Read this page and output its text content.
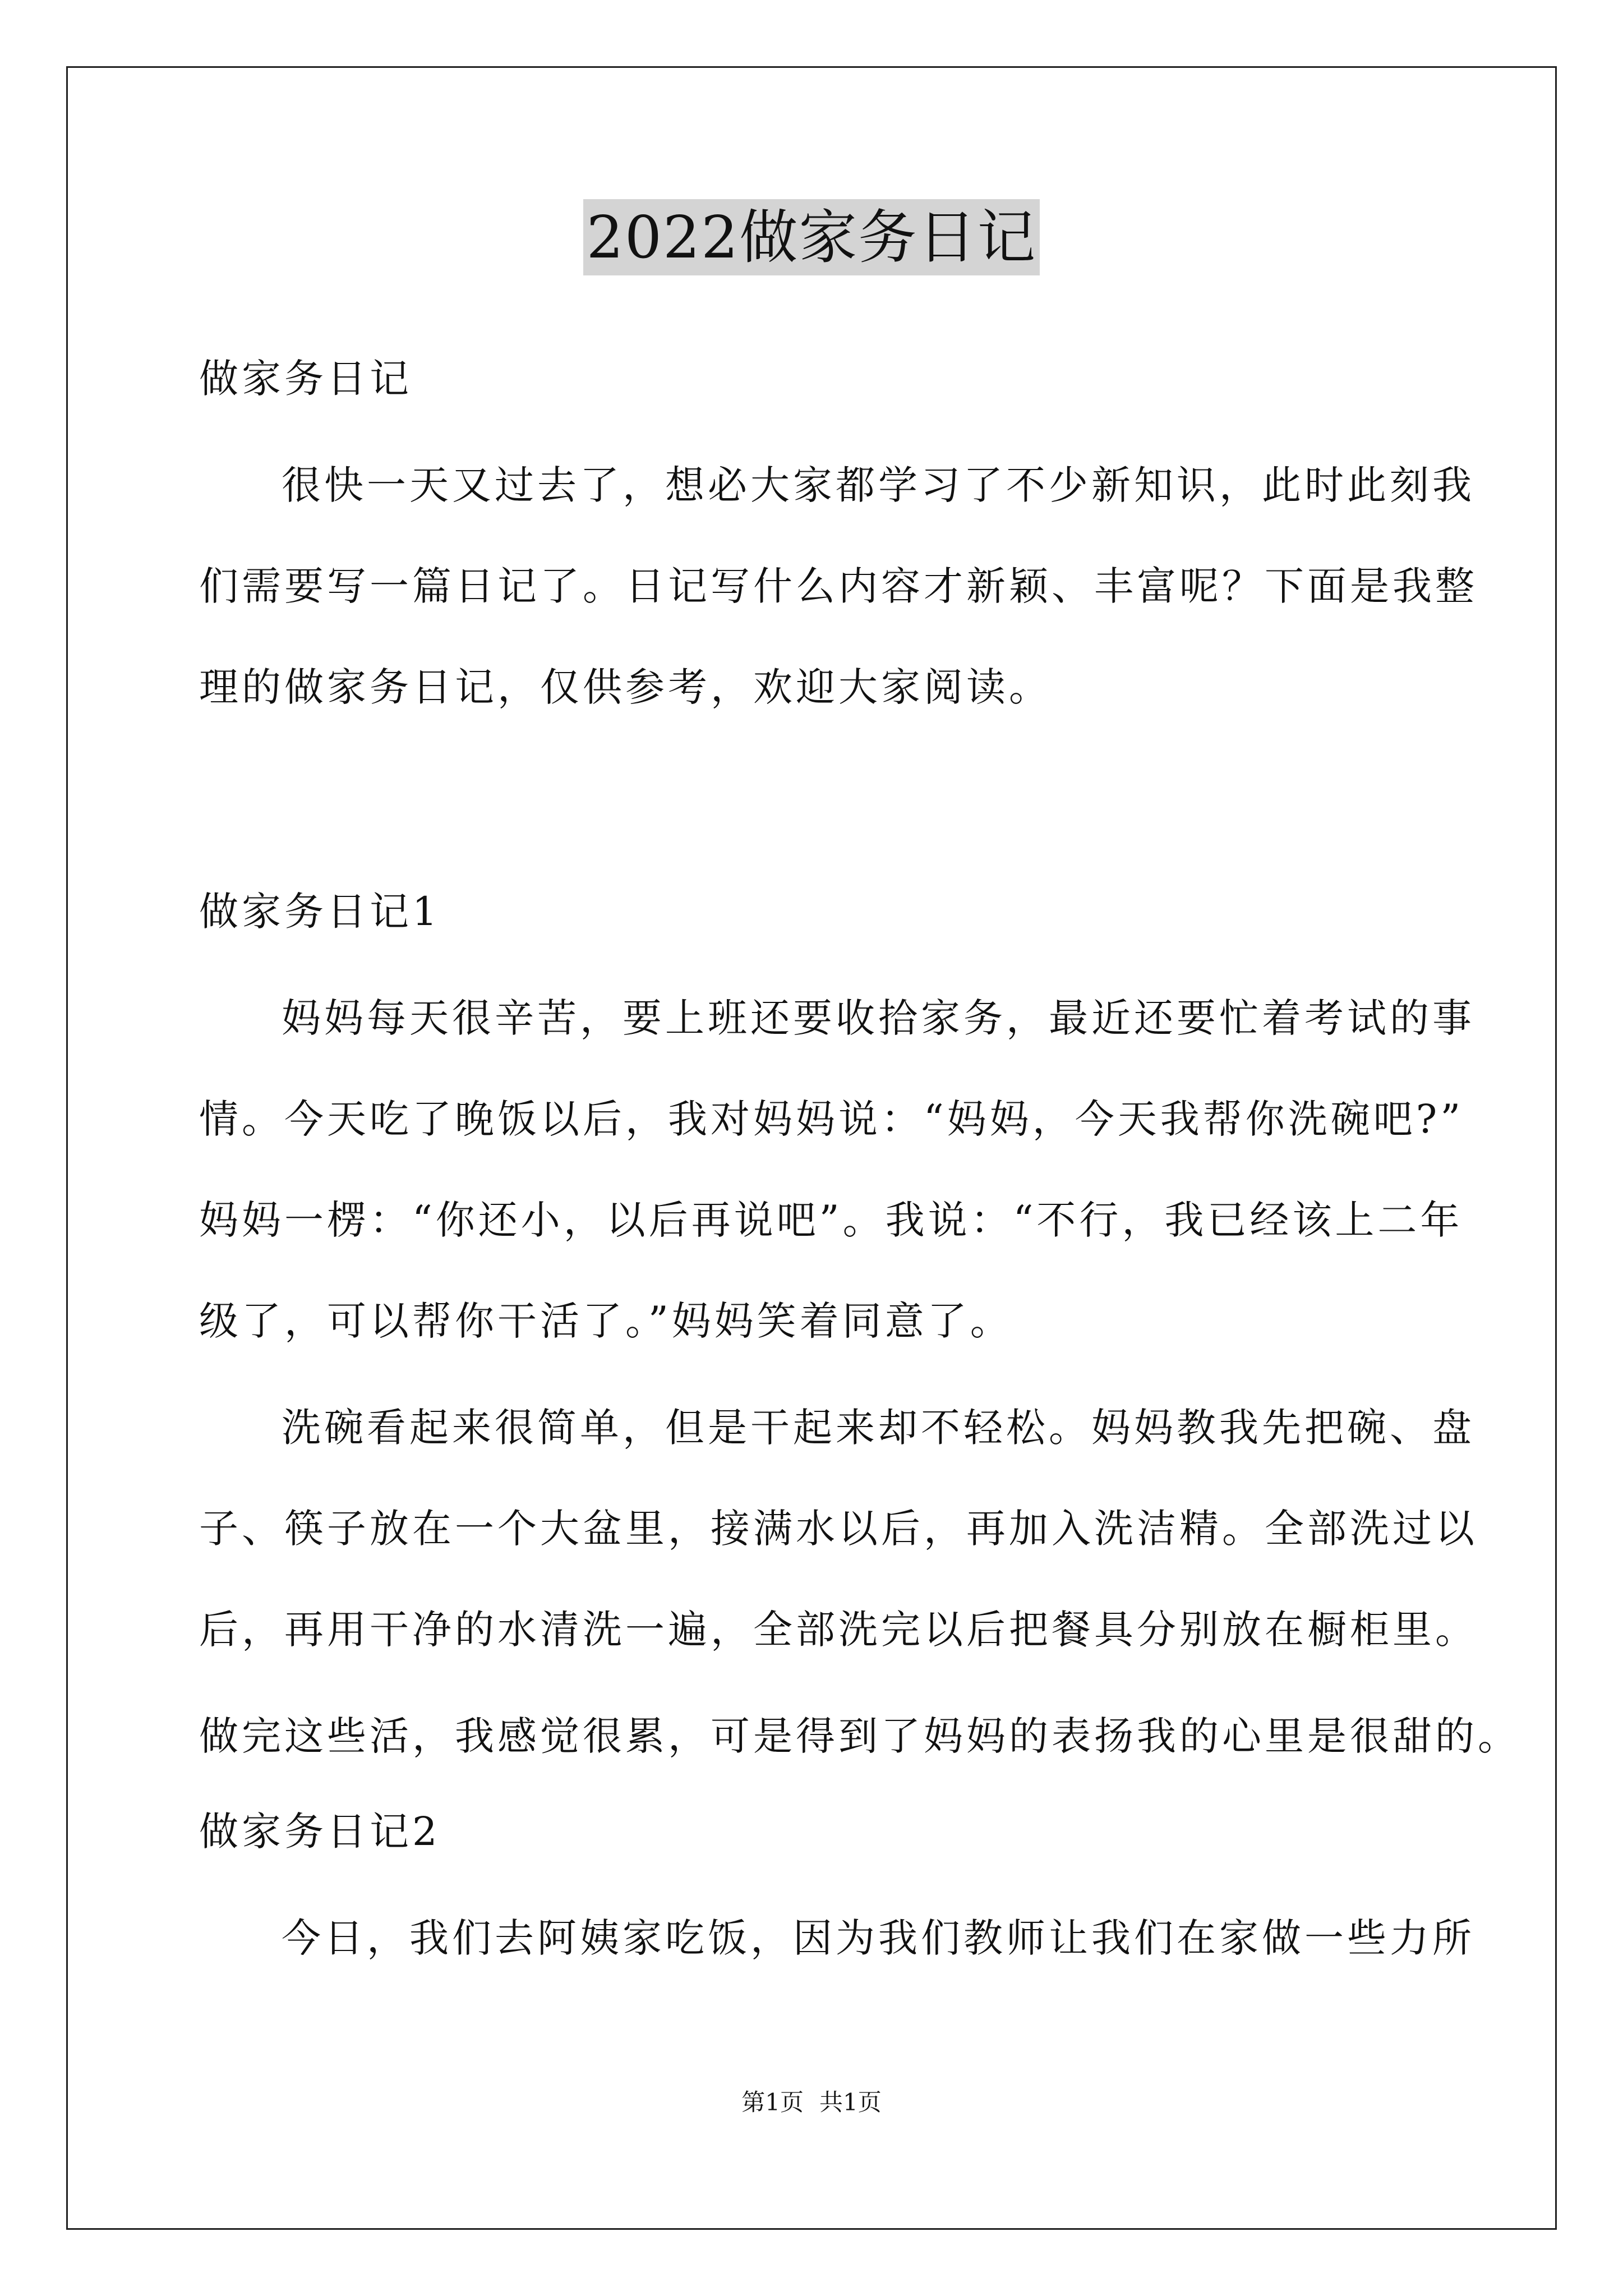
2022做家务日记
做家务日记
很快一天又过去了，想必大家都学习了不少新知识，此时此刻我
们需要写一篇日记了。日记写什么内容才新颖、丰富呢？下面是我整
理的做家务日记，仅供参考，欢迎大家阅读。
做家务日记1
妈妈每天很辛苦，要上班还要收拾家务，最近还要忙着考试的事
情。今天吃了晚饭以后，我对妈妈说：“妈妈，今天我帮你洗碗吧?”
妈妈一楞：“你还小，以后再说吧”。我说：“不行，我已经该上二年
级了，可以帮你干活了。”妈妈笑着同意了。
洗碗看起来很简单，但是干起来却不轻松。妈妈教我先把碗、盘
子、筷子放在一个大盆里，接满水以后，再加入洗洁精。全部洗过以
后，再用干净的水清洗一遍，全部洗完以后把餐具分别放在橱柜里。
做完这些活，我感觉很累，可是得到了妈妈的表扬我的心里是很甜的。
做家务日记2
今日，我们去阿姨家吃饭，因为我们教师让我们在家做一些力所
第1页 共1页
